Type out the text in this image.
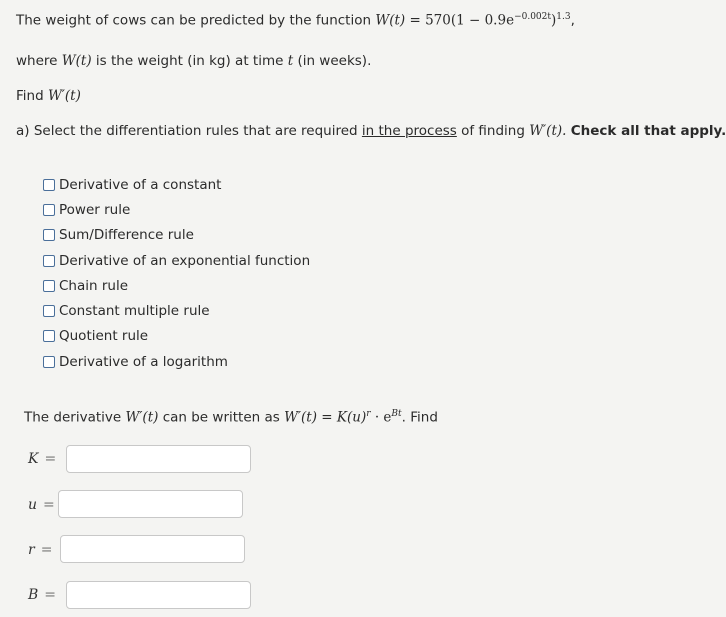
The weight of cows can be predicted by the function $W(t) = 570(1 - 0.9e^{-0.002t})^{1.3}$,
where W(t) is the weight (in kg) at time t (in weeks).
Find W′(t)
a) Select the differentiation rules that are required in the process of finding W′(t). Check all that apply.
Derivative of a constant
Power rule
Sum/Difference rule
Derivative of an exponential function
Chain rule
Constant multiple rule
Quotient rule
Derivative of a logarithm
The derivative W′(t) can be written as $W'(t) = K(u)^r \cdot e^{Bt}$. Find
K =
u =
r =
B =
